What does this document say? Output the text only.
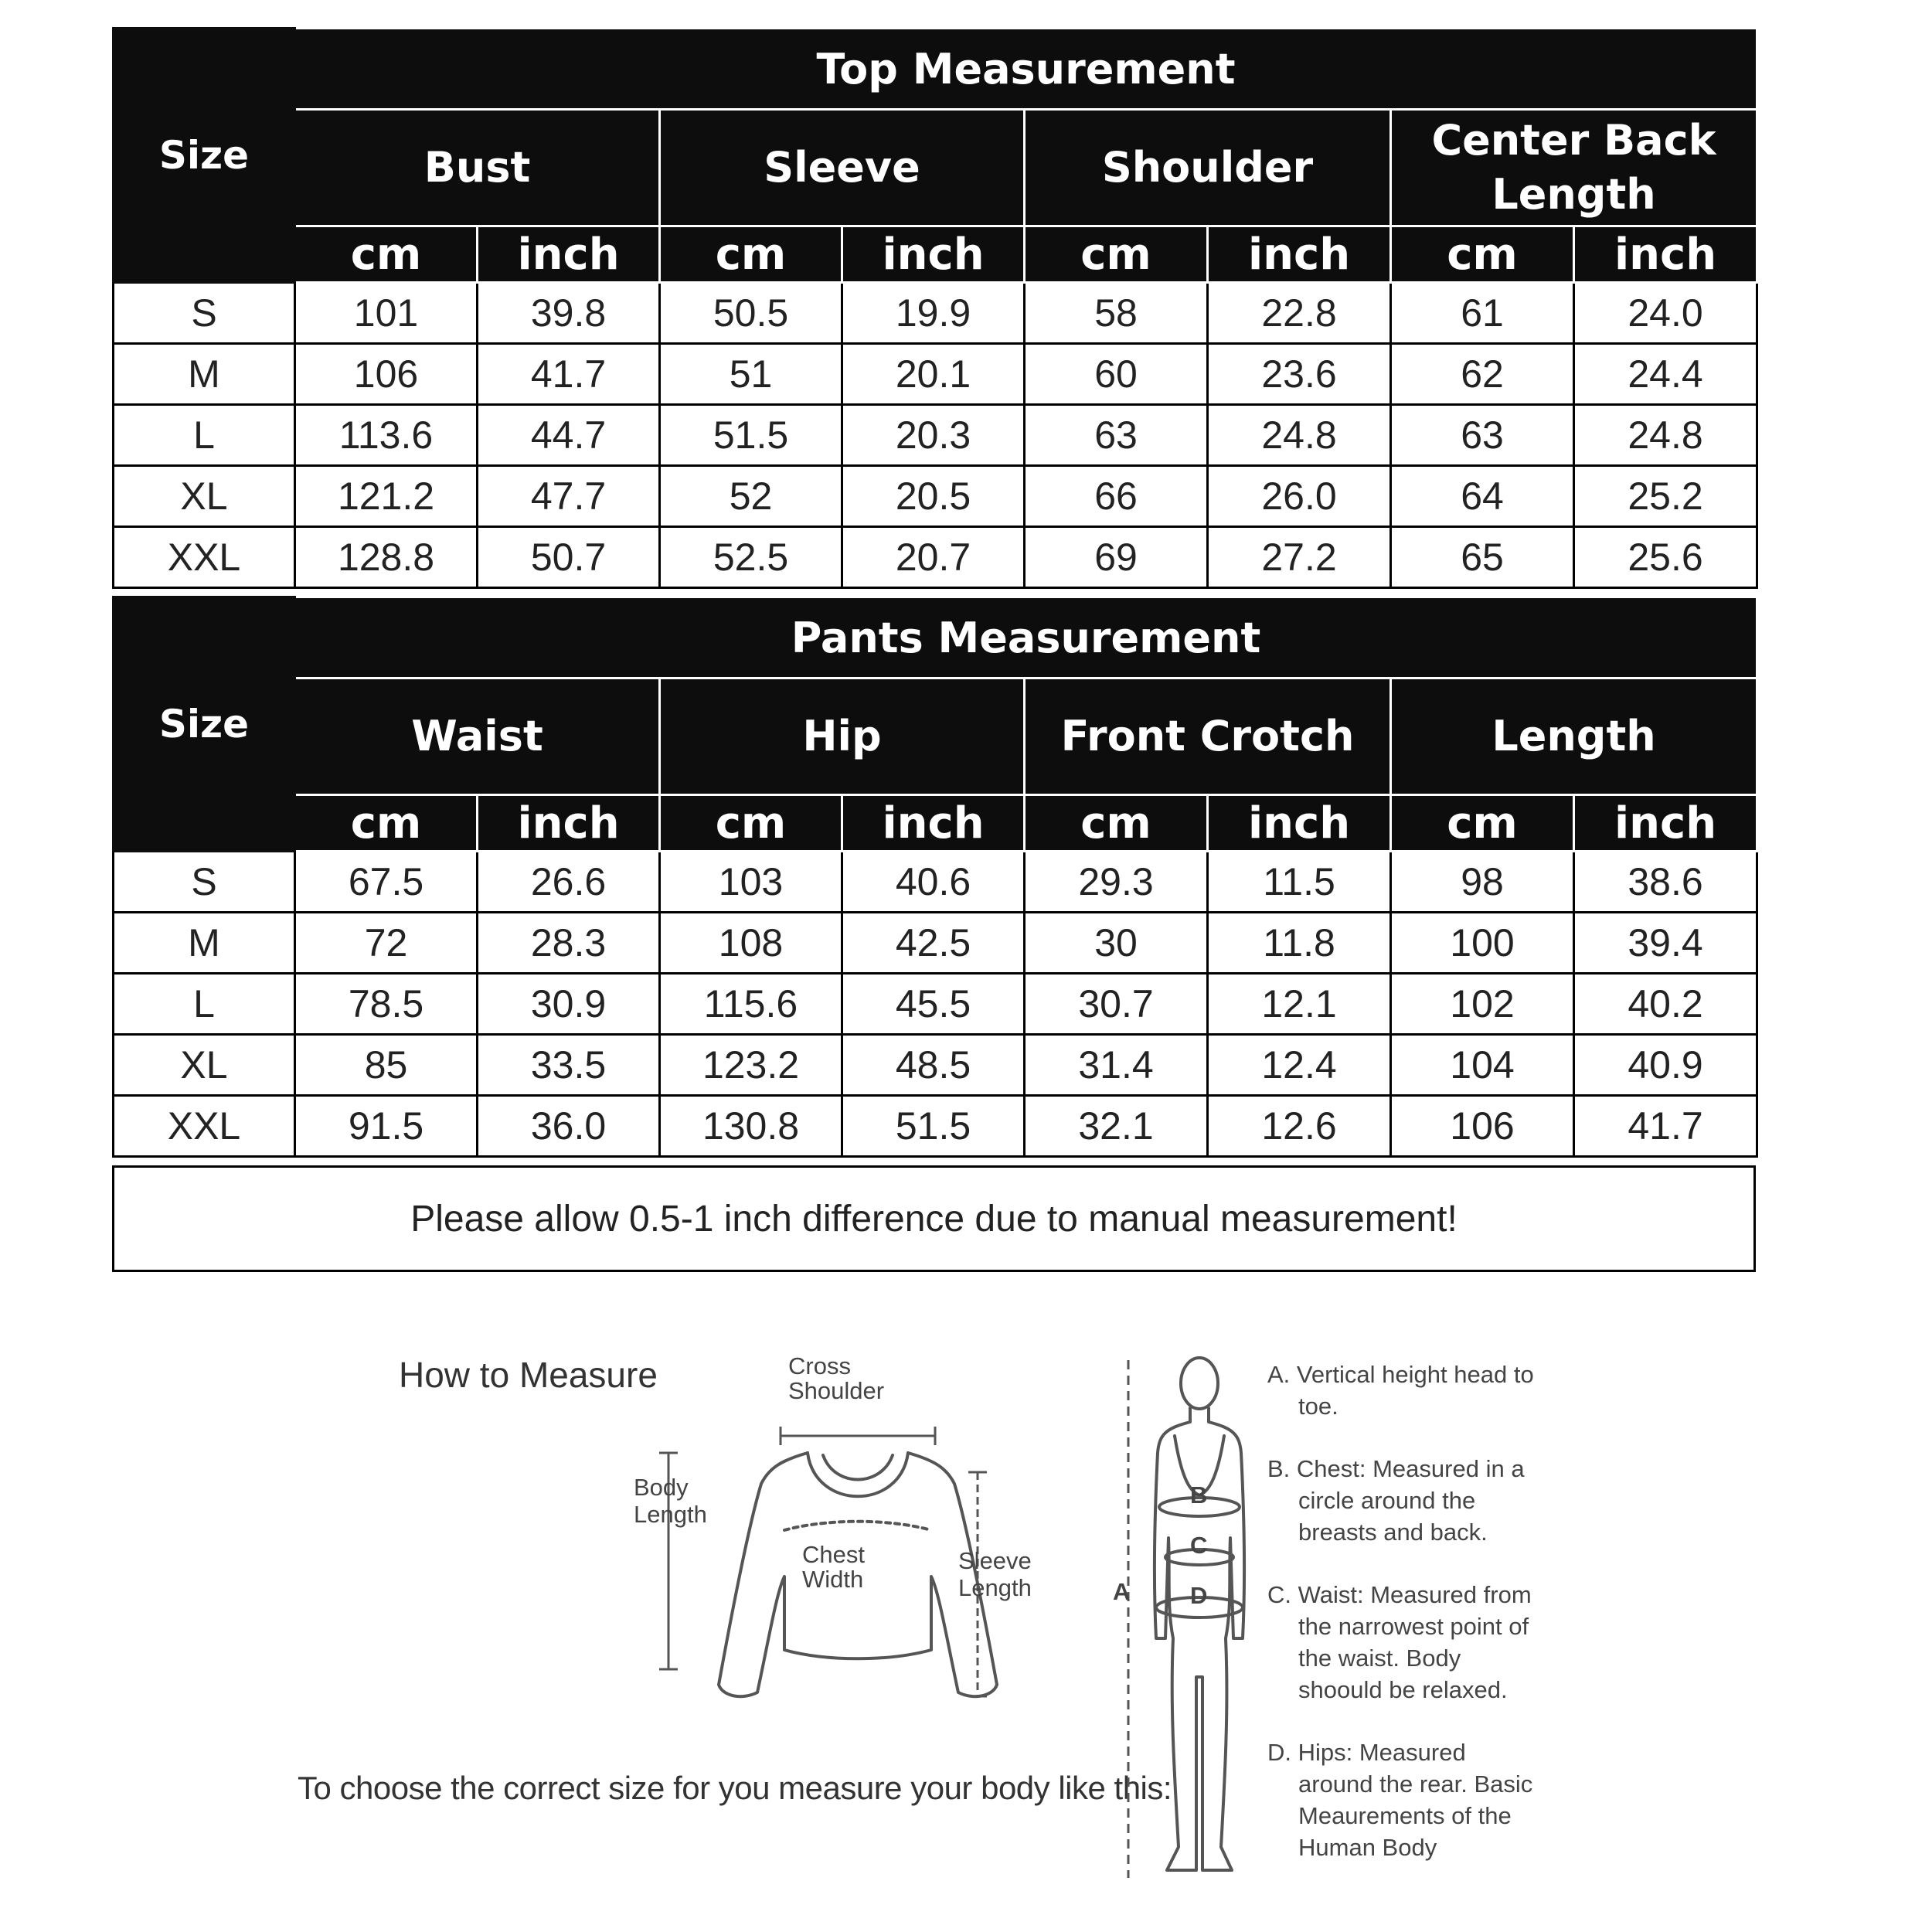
Size	Top Measurement							
	Bust		Sleeve		Shoulder		Center Back Length	
	cm	inch	cm	inch	cm	inch	cm	inch
S	101	39.8	50.5	19.9	58	22.8	61	24.0
M	106	41.7	51	20.1	60	23.6	62	24.4
L	113.6	44.7	51.5	20.3	63	24.8	63	24.8
XL	121.2	47.7	52	20.5	66	26.0	64	25.2
XXL	128.8	50.7	52.5	20.7	69	27.2	65	25.6
Size	Pants Measurement							
	Waist		Hip		Front Crotch		Length	
	cm	inch	cm	inch	cm	inch	cm	inch
S	67.5	26.6	103	40.6	29.3	11.5	98	38.6
M	72	28.3	108	42.5	30	11.8	100	39.4
L	78.5	30.9	115.6	45.5	30.7	12.1	102	40.2
XL	85	33.5	123.2	48.5	31.4	12.4	104	40.9
XXL	91.5	36.0	130.8	51.5	32.1	12.6	106	41.7
Please allow 0.5-1 inch difference due to manual measurement!
How to Measure
To choose the correct size for you measure your body like this:
Cross
Shoulder
Body
Length
Chest
Width
Sleeve
Length	A
B
C
D

A. Vertical height head to toe.

B. Chest: Measured in a circle around the breasts and back.

C. Waist: Measured from the narrowest point of the waist. Body shoould be relaxed.

D. Hips: Measured around the rear. Basic Meaurements of the Human Body
